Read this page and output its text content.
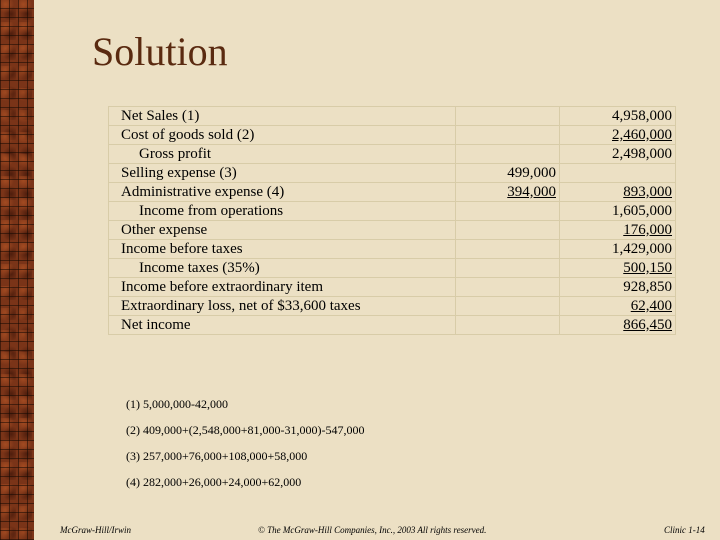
Solution
Net Sales (1)		4,958,000
Cost of goods sold (2)		2,460,000
Gross profit		2,498,000
Selling expense (3)	499,000	
Administrative expense (4)	394,000	893,000
Income from operations		1,605,000
Other expense		176,000
Income before taxes		1,429,000
Income taxes (35%)		500,150
Income before extraordinary item		928,850
Extraordinary loss, net of $33,600 taxes		62,400
Net income		866,450
(1) 5,000,000-42,000
(2) 409,000+(2,548,000+81,000-31,000)-547,000
(3) 257,000+76,000+108,000+58,000
(4) 282,000+26,000+24,000+62,000
McGraw-Hill/Irwin	© The McGraw-Hill Companies, Inc., 2003 All rights reserved.	Clinic 1-14
